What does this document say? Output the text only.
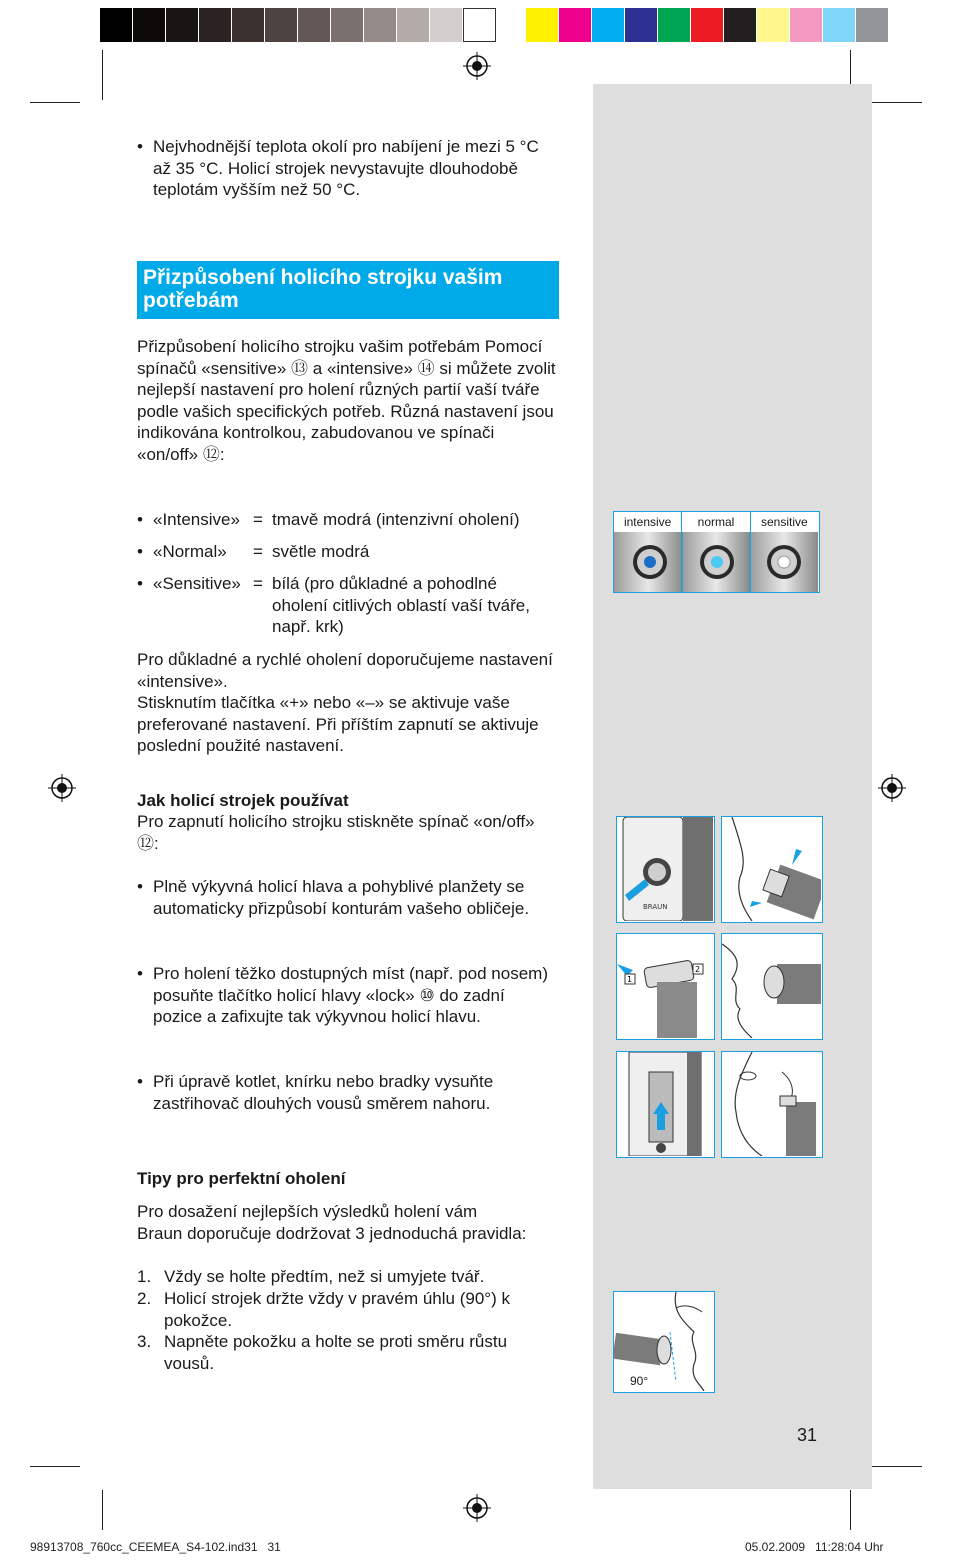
• Nejvhodnější teplota okolí pro nabíjení je mezi 5 °C až 35 °C. Holicí strojek nevystavujte dlouhodobě teplotám vyšším než 50 °C.
Přizpůsobení holicího strojku vašim potřebám
Přizpůsobení holicího strojku vašim potřebám Pomocí spínačů «sensitive» ⑬ a «intensive» ⑭ si můžete zvolit nejlepší nastavení pro holení různých partií vaší tváře podle vašich specifických potřeb. Různá nastavení jsou indikována kontrolkou, zabudovanou ve spínači «on/off» ⑫:
• «Intensive» = tmavě modrá (intenzivní oholení)
• «Normal» = světle modrá
• «Sensitive» = bílá (pro důkladné a pohodlné oholení citlivých oblastí vaší tváře, např. krk)
Pro důkladné a rychlé oholení doporučujeme nastavení «intensive».
Stisknutím tlačítka «+» nebo «–» se aktivuje vaše preferované nastavení. Při příštím zapnutí se aktivuje poslední použité nastavení.
Jak holicí strojek používat
Pro zapnutí holicího strojku stiskněte spínač «on/off» ⑫:
• Plně výkyvná holicí hlava a pohyblivé planžety se automaticky přizpůsobí konturám vašeho obličeje.
• Pro holení těžko dostupných míst (např. pod nosem) posuňte tlačítko holicí hlavy «lock» ⑩ do zadní pozice a zafixujte tak výkyvnou holicí hlavu.
• Při úpravě kotlet, knírku nebo bradky vysuňte zastřihovač dlouhých vousů směrem nahoru.
Tipy pro perfektní oholení
Pro dosažení nejlepších výsledků holení vám Braun doporučuje dodržovat 3 jednoduchá pravidla:
1. Vždy se holte předtím, než si umyjete tvář.
2. Holicí strojek držte vždy v pravém úhlu (90°) k pokožce.
3. Napněte pokožku a holte se proti směru růstu vousů.
intensive	normal	sensitive
BRAUN
1
2
90°
31
98913708_760cc_CEEMEA_S4-102.ind31   31	05.02.2009   11:28:04 Uhr
